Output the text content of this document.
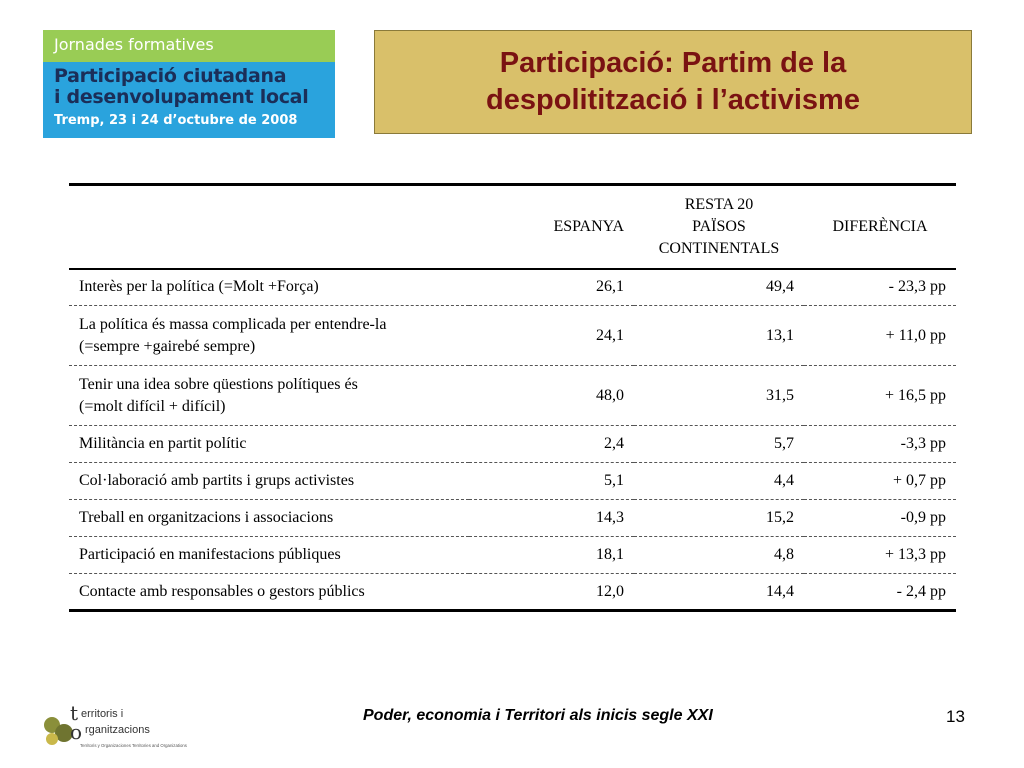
Jornades formatives
Participació ciutadana
i desenvolupament local
Tremp, 23 i 24 d’octubre de 2008
Participació: Partim de la
despolitització i l’activisme
	ESPANYA	RESTA 20
PAÏSOS
CONTINENTALS	DIFERÈNCIA

Interès per la política (=Molt +Força)	26,1	49,4	- 23,3 pp

La política és massa complicada per entendre-la
(=sempre +gairebé sempre)	24,1	13,1	+ 11,0 pp

Tenir una idea sobre qüestions polítiques és
(=molt difícil + difícil)	48,0	31,5	+ 16,5 pp

Militància en partit polític	2,4	5,7	-3,3 pp

Col·laboració amb partits i grups activistes	5,1	4,4	+ 0,7 pp

Treball en organitzacions i associacions	14,3	15,2	-0,9 pp

Participació en manifestacions públiques	18,1	4,8	+ 13,3 pp

Contacte amb responsables o gestors públics	12,0	14,4	- 2,4 pp
t
o
erritoris i
rganitzacions
Territoris y Organizaciones Territories and Organizations
Poder, economia i Territori als inicis segle XXI	13
